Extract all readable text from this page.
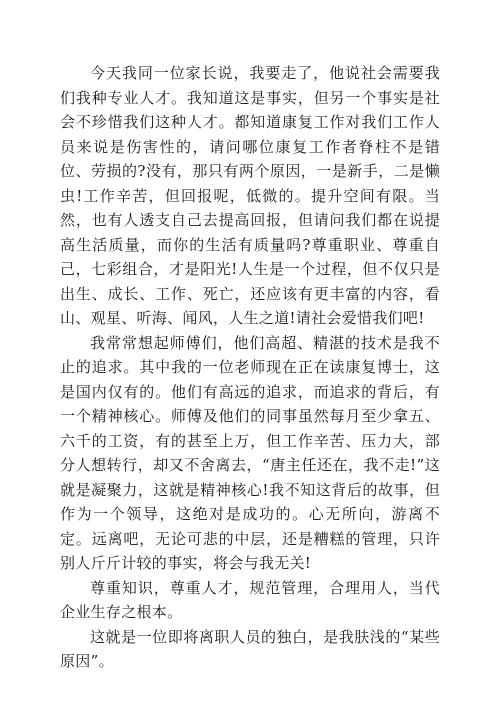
今天我同一位家长说，我要走了，他说社会需要我们我种专业人才。我知道这是事实，但另一个事实是社会不珍惜我们这种人才。都知道康复工作对我们工作人员来说是伤害性的，请问哪位康复工作者脊柱不是错位、劳损的?没有，那只有两个原因，一是新手，二是懒虫!工作辛苦，但回报呢，低微的。提升空间有限。当然，也有人透支自己去提高回报，但请问我们都在说提高生活质量，而你的生活有质量吗?尊重职业、尊重自己，七彩组合，才是阳光!人生是一个过程，但不仅只是出生、成长、工作、死亡，还应该有更丰富的内容，看山、观星、听海、闻风，人生之道!请社会爱惜我们吧!

我常常想起师傅们，他们高超、精湛的技术是我不止的追求。其中我的一位老师现在正在读康复博士，这是国内仅有的。他们有高远的追求，而追求的背后，有一个精神核心。师傅及他们的同事虽然每月至少拿五、六千的工资，有的甚至上万，但工作辛苦、压力大，部分人想转行，却又不舍离去，“唐主任还在，我不走!”这就是凝聚力，这就是精神核心!我不知这背后的故事，但作为一个领导，这绝对是成功的。心无所向，游离不定。远离吧，无论可悲的中层，还是糟糕的管理，只许别人斤斤计较的事实，将会与我无关!

尊重知识，尊重人才，规范管理，合理用人，当代企业生存之根本。

这就是一位即将离职人员的独白，是我肤浅的“某些原因”。
